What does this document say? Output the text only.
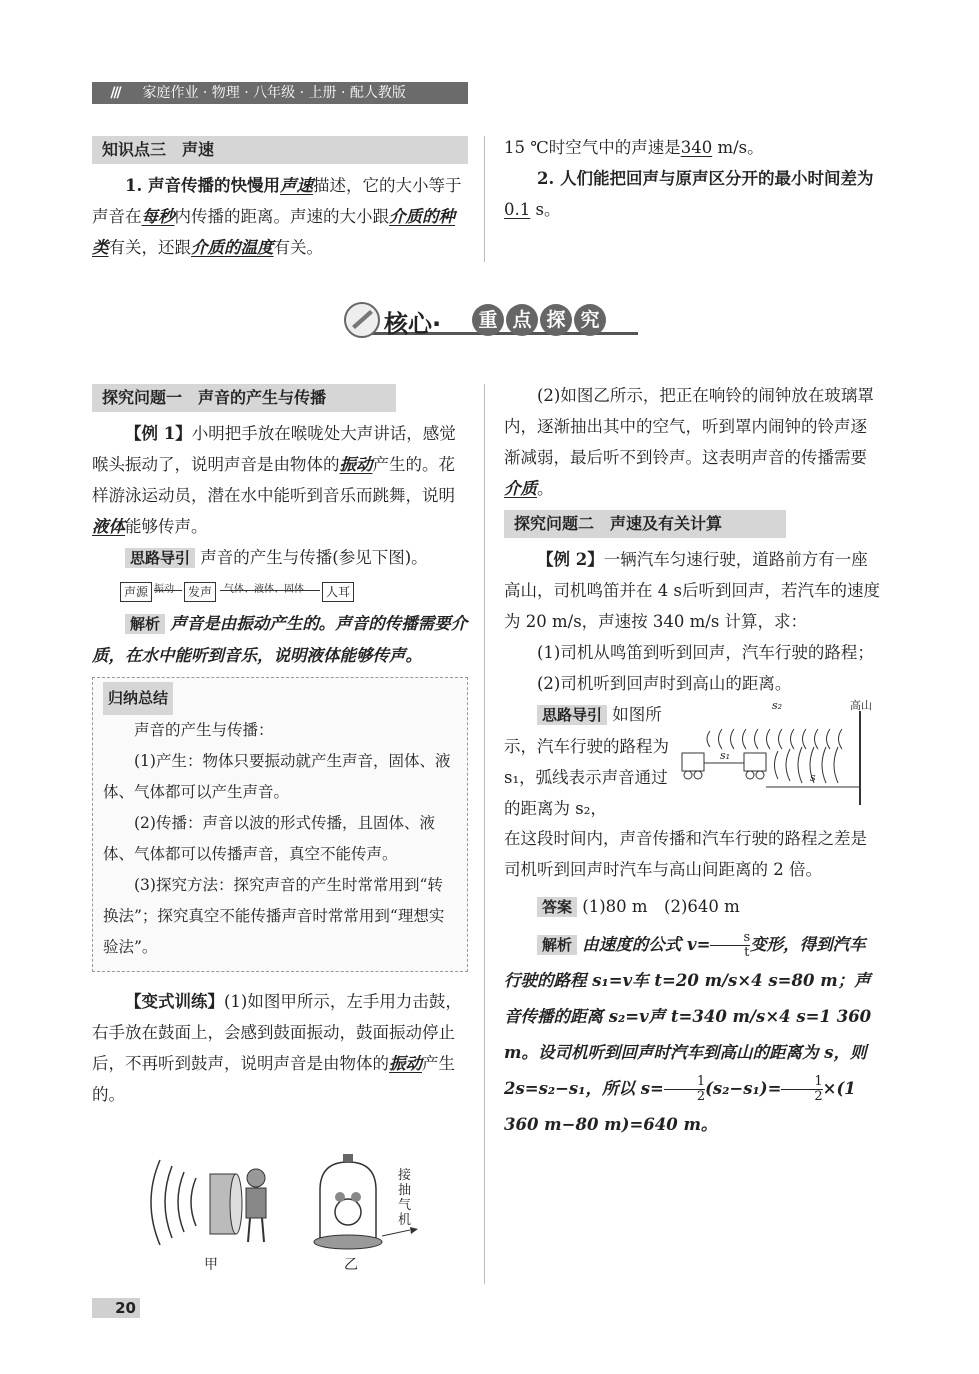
/// 家庭作业 · 物理 · 八年级 · 上册 · 配人教版
知识点三　声速

1. 声音传播的快慢用声速描述，它的大小等于声音在每秒内传播的距离。声速的大小跟介质的种类有关，还跟介质的温度有关。

15 ℃时空气中的声速是340 m/s。

2. 人们能把回声与原声区分开的最小时间差为0.1 s。

核心·	重 点 探 究
探究问题一　声音的产生与传播

【例 1】小明把手放在喉咙处大声讲话，感觉喉头振动了，说明声音是由物体的振动产生的。花样游泳运动员，潜在水中能听到音乐而跳舞，说明液体能够传声。

思路导引 声音的产生与传播(参见下图)。

声源 振动	发声	气体、液体、固体	人耳

解析 声音是由振动产生的。声音的传播需要介质，在水中能听到音乐，说明液体能够传声。

归纳总结

声音的产生与传播：

(1)产生：物体只要振动就产生声音，固体、液体、气体都可以产生声音。

(2)传播：声音以波的形式传播，且固体、液体、气体都可以传播声音，真空不能传声。

(3)探究方法：探究声音的产生时常常用到“转换法”；探究真空不能传播声音时常常用到“理想实验法”。

【变式训练】(1)如图甲所示，左手用力击鼓，右手放在鼓面上，会感到鼓面振动，鼓面振动停止后，不再听到鼓声，说明声音是由物体的振动产生的。

甲	乙
接
抽
气
机

(2)如图乙所示，把正在响铃的闹钟放在玻璃罩内，逐渐抽出其中的空气，听到罩内闹钟的铃声逐渐减弱，最后听不到铃声。这表明声音的传播需要介质。

探究问题二　声速及有关计算

【例 2】一辆汽车匀速行驶，道路前方有一座高山，司机鸣笛并在 4 s后听到回声，若汽车的速度为 20 m/s，声速按 340 m/s 计算，求：

(1)司机从鸣笛到听到回声，汽车行驶的路程；

(2)司机听到回声时到高山的距离。

思路导引 如图所示，汽车行驶的路程为 s₁，弧线表示声音通过的距离为 s₂，

高山
s₂
s₁
s
在这段时间内，声音传播和汽车行驶的路程之差是司机听到回声时汽车与高山间距离的 2 倍。

答案 (1)80 m　(2)640 m

解析 由速度的公式 $v= \frac{s}{t}$ 变形，得到汽车行驶的路程 s₁=v车 t=20 m/s×4 s=80 m；声音传播的距离 s₂=v声 t=340 m/s×4 s=1 360 m。设司机听到回声时汽车到高山的距离为 s，则 2s=s₂−s₁，所以 $s= \frac{1}{2} (s_2-s_1)= \frac{1}{2} \times(1$ 360 m−80 m)=640 m。

20
